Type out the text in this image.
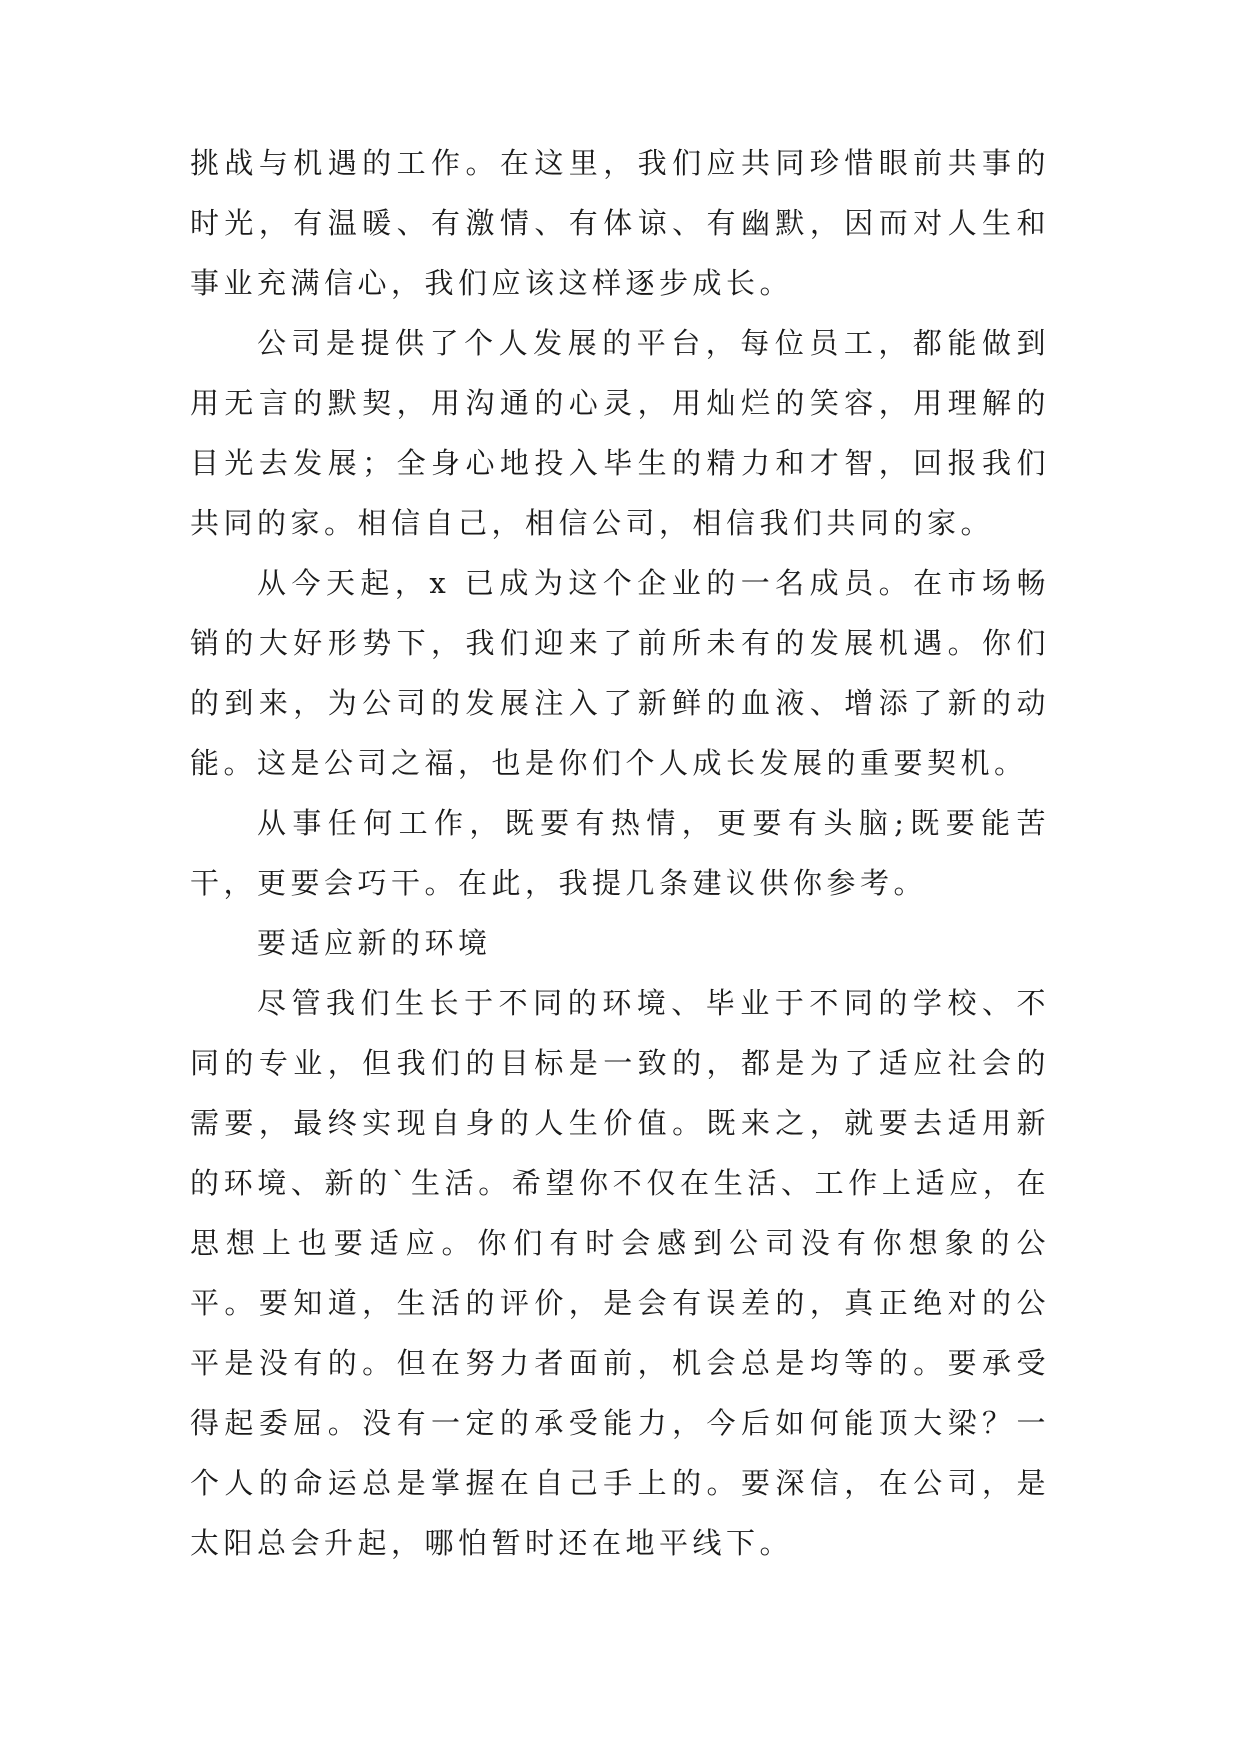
挑战与机遇的工作。在这里，我们应共同珍惜眼前共事的时光，有温暖、有激情、有体谅、有幽默，因而对人生和事业充满信心，我们应该这样逐步成长。

公司是提供了个人发展的平台，每位员工，都能做到用无言的默契，用沟通的心灵，用灿烂的笑容，用理解的目光去发展；全身心地投入毕生的精力和才智，回报我们共同的家。相信自己，相信公司，相信我们共同的家。

从今天起，x 已成为这个企业的一名成员。在市场畅销的大好形势下，我们迎来了前所未有的发展机遇。你们的到来，为公司的发展注入了新鲜的血液、增添了新的动能。这是公司之福，也是你们个人成长发展的重要契机。

从事任何工作，既要有热情，更要有头脑;既要能苦干，更要会巧干。在此，我提几条建议供你参考。

要适应新的环境

尽管我们生长于不同的环境、毕业于不同的学校、不同的专业，但我们的目标是一致的，都是为了适应社会的需要，最终实现自身的人生价值。既来之，就要去适用新的环境、新的`生活。希望你不仅在生活、工作上适应，在思想上也要适应。你们有时会感到公司没有你想象的公平。要知道，生活的评价，是会有误差的，真正绝对的公平是没有的。但在努力者面前，机会总是均等的。要承受得起委屈。没有一定的承受能力，今后如何能顶大梁？一个人的命运总是掌握在自己手上的。要深信，在公司，是太阳总会升起，哪怕暂时还在地平线下。
